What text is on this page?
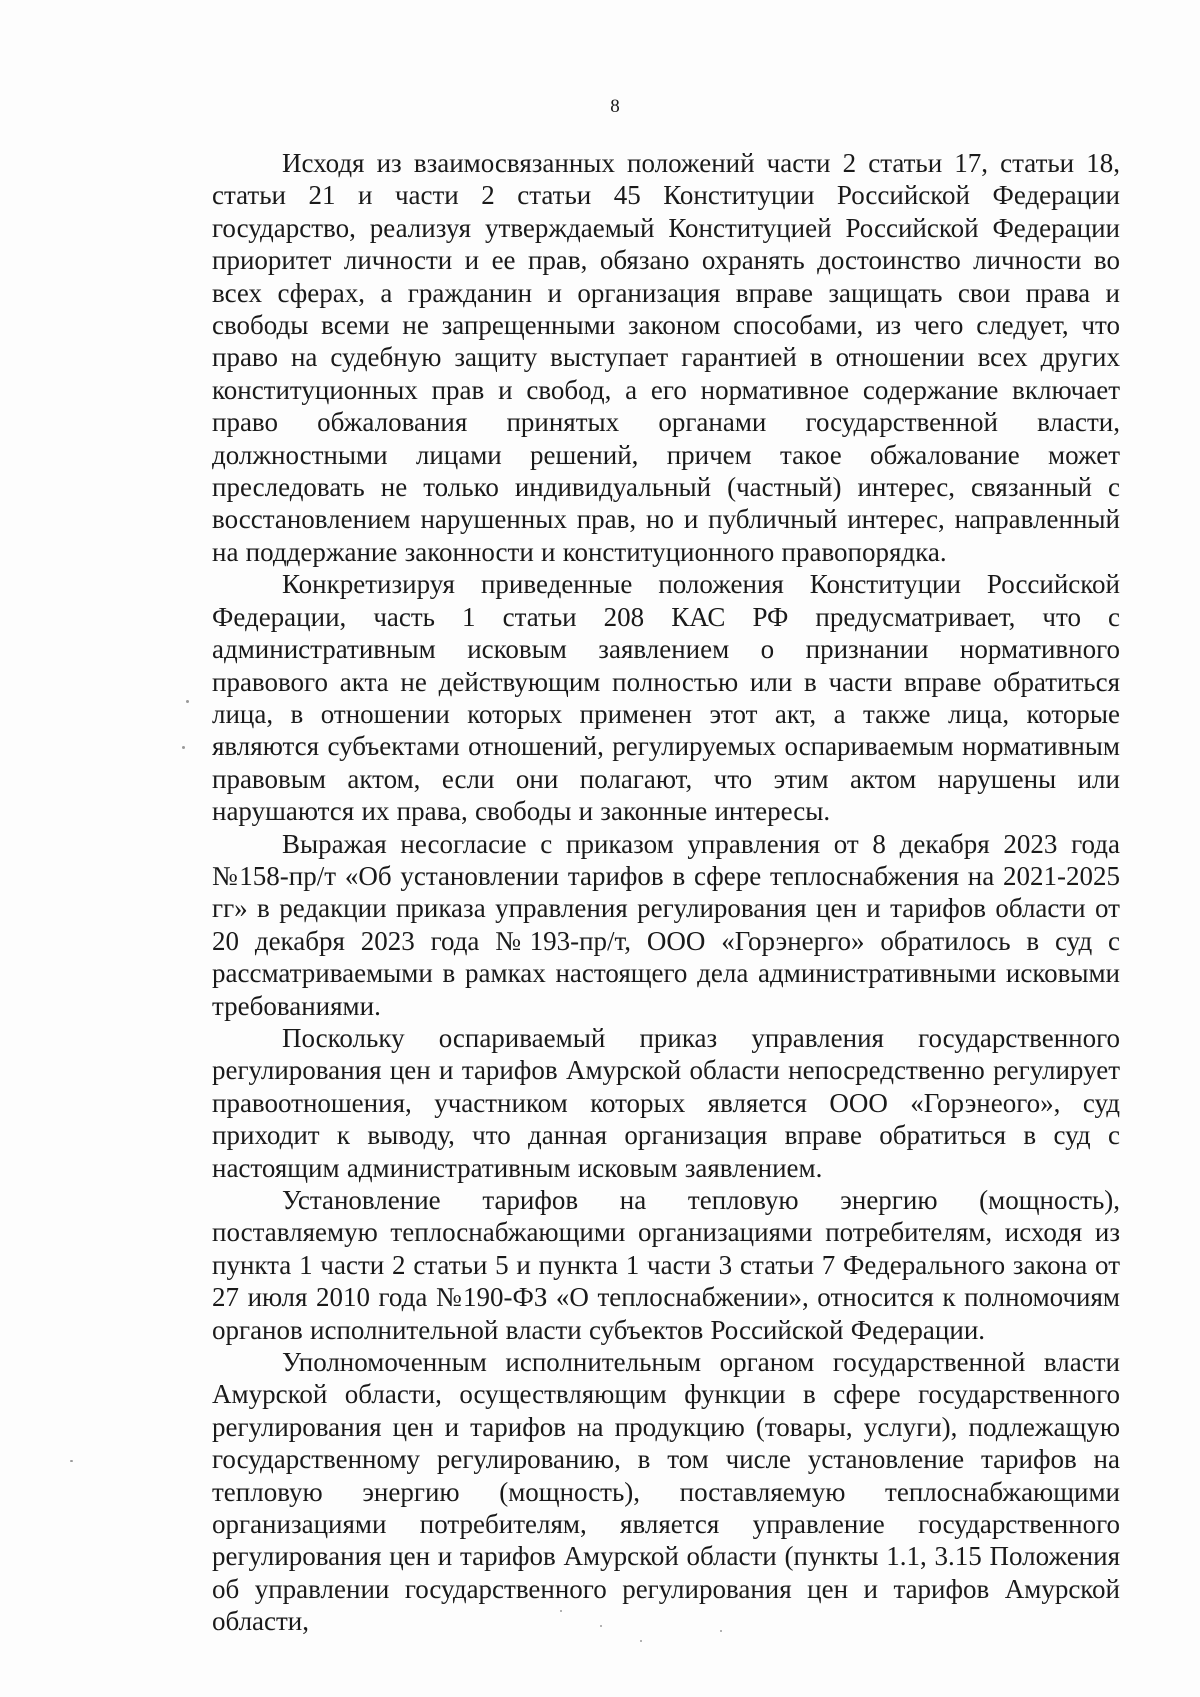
8

Исходя из взаимосвязанных положений части 2 статьи 17, статьи 18, статьи 21 и части 2 статьи 45 Конституции Российской Федерации государство, реализуя утверждаемый Конституцией Российской Федерации приоритет личности и ее прав, обязано охранять достоинство личности во всех сферах, а гражданин и организация вправе защищать свои права и свободы всеми не запрещенными законом способами, из чего следует, что право на судебную защиту выступает гарантией в отношении всех других конституционных прав и свобод, а его нормативное содержание включает право обжалования принятых органами государственной власти, должностными лицами решений, причем такое обжалование может преследовать не только индивидуальный (частный) интерес, связанный с восстановлением нарушенных прав, но и публичный интерес, направленный на поддержание законности и конституционного правопорядка.

Конкретизируя приведенные положения Конституции Российской Федерации, часть 1 статьи 208 КАС РФ предусматривает, что с административным исковым заявлением о признании нормативного правового акта не действующим полностью или в части вправе обратиться лица, в отношении которых применен этот акт, а также лица, которые являются субъектами отношений, регулируемых оспариваемым нормативным правовым актом, если они полагают, что этим актом нарушены или нарушаются их права, свободы и законные интересы.

Выражая несогласие с приказом управления от 8 декабря 2023 года №158-пр/т «Об установлении тарифов в сфере теплоснабжения на 2021-2025 гг» в редакции приказа управления регулирования цен и тарифов области от 20 декабря 2023 года №193-пр/т, ООО «Горэнерго» обратилось в суд с рассматриваемыми в рамках настоящего дела административными исковыми требованиями.

Поскольку оспариваемый приказ управления государственного регулирования цен и тарифов Амурской области непосредственно регулирует правоотношения, участником которых является ООО «Горэнеого», суд приходит к выводу, что данная организация вправе обратиться в суд с настоящим административным исковым заявлением.

Установление тарифов на тепловую энергию (мощность), поставляемую теплоснабжающими организациями потребителям, исходя из пункта 1 части 2 статьи 5 и пункта 1 части 3 статьи 7 Федерального закона от 27 июля 2010 года №190-ФЗ «О теплоснабжении», относится к полномочиям органов исполнительной власти субъектов Российской Федерации.

Уполномоченным исполнительным органом государственной власти Амурской области, осуществляющим функции в сфере государственного регулирования цен и тарифов на продукцию (товары, услуги), подлежащую государственному регулированию, в том числе установление тарифов на тепловую энергию (мощность), поставляемую теплоснабжающими организациями потребителям, является управление государственного регулирования цен и тарифов Амурской области (пункты 1.1, 3.15 Положения об управлении государственного регулирования цен и тарифов Амурской области,
